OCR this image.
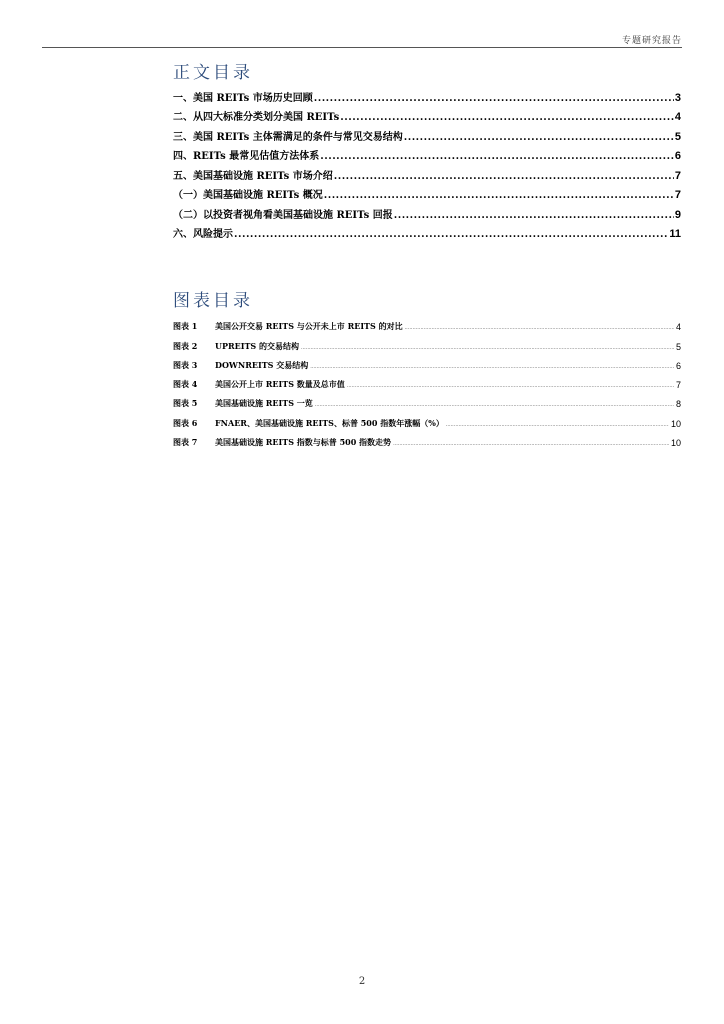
专题研究报告
正文目录
一、美国 REITs 市场历史回顾 .....	3
二、从四大标准分类划分美国 REITs .....	4
三、美国 REITs 主体需满足的条件与常见交易结构 .....	5
四、REITs 最常见估值方法体系 .....	6
五、美国基础设施 REITs 市场介绍 .....	7
（一）美国基础设施 REITs 概况 .....	7
（二）以投资者视角看美国基础设施 REITs 回报 .....	9
六、风险提示 .....	11
图表目录
图表 1	美国公开交易 REITS 与公开未上市 REITS 的对比 .....	4
图表 2	UPREITS 的交易结构 .....	5
图表 3	DOWNREITS 交易结构 .....	6
图表 4	美国公开上市 REITS 数量及总市值 .....	7
图表 5	美国基础设施 REITS 一览 .....	8
图表 6	FNAER、美国基础设施 REITS、标普 500 指数年涨幅（%） .....	10
图表 7	美国基础设施 REITS 指数与标普 500 指数走势 .....	10
2
